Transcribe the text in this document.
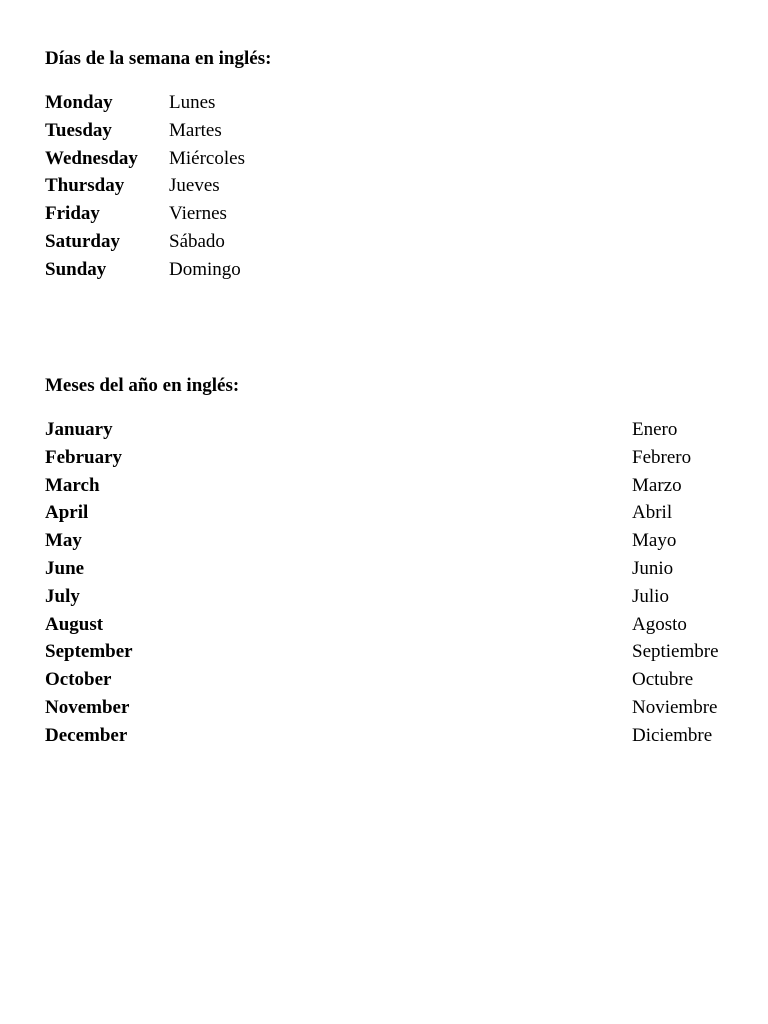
Días de la semana en inglés:

Monday	Lunes
Tuesday	Martes
Wednesday	Miércoles
Thursday	Jueves
Friday	Viernes
Saturday	Sábado
Sunday	Domingo

Meses del año en inglés:

January	Enero
February	Febrero
March	Marzo
April	Abril
May	Mayo
June	Junio
July	Julio
August	Agosto
September	Septiembre
October	Octubre
November	Noviembre
December	Diciembre
